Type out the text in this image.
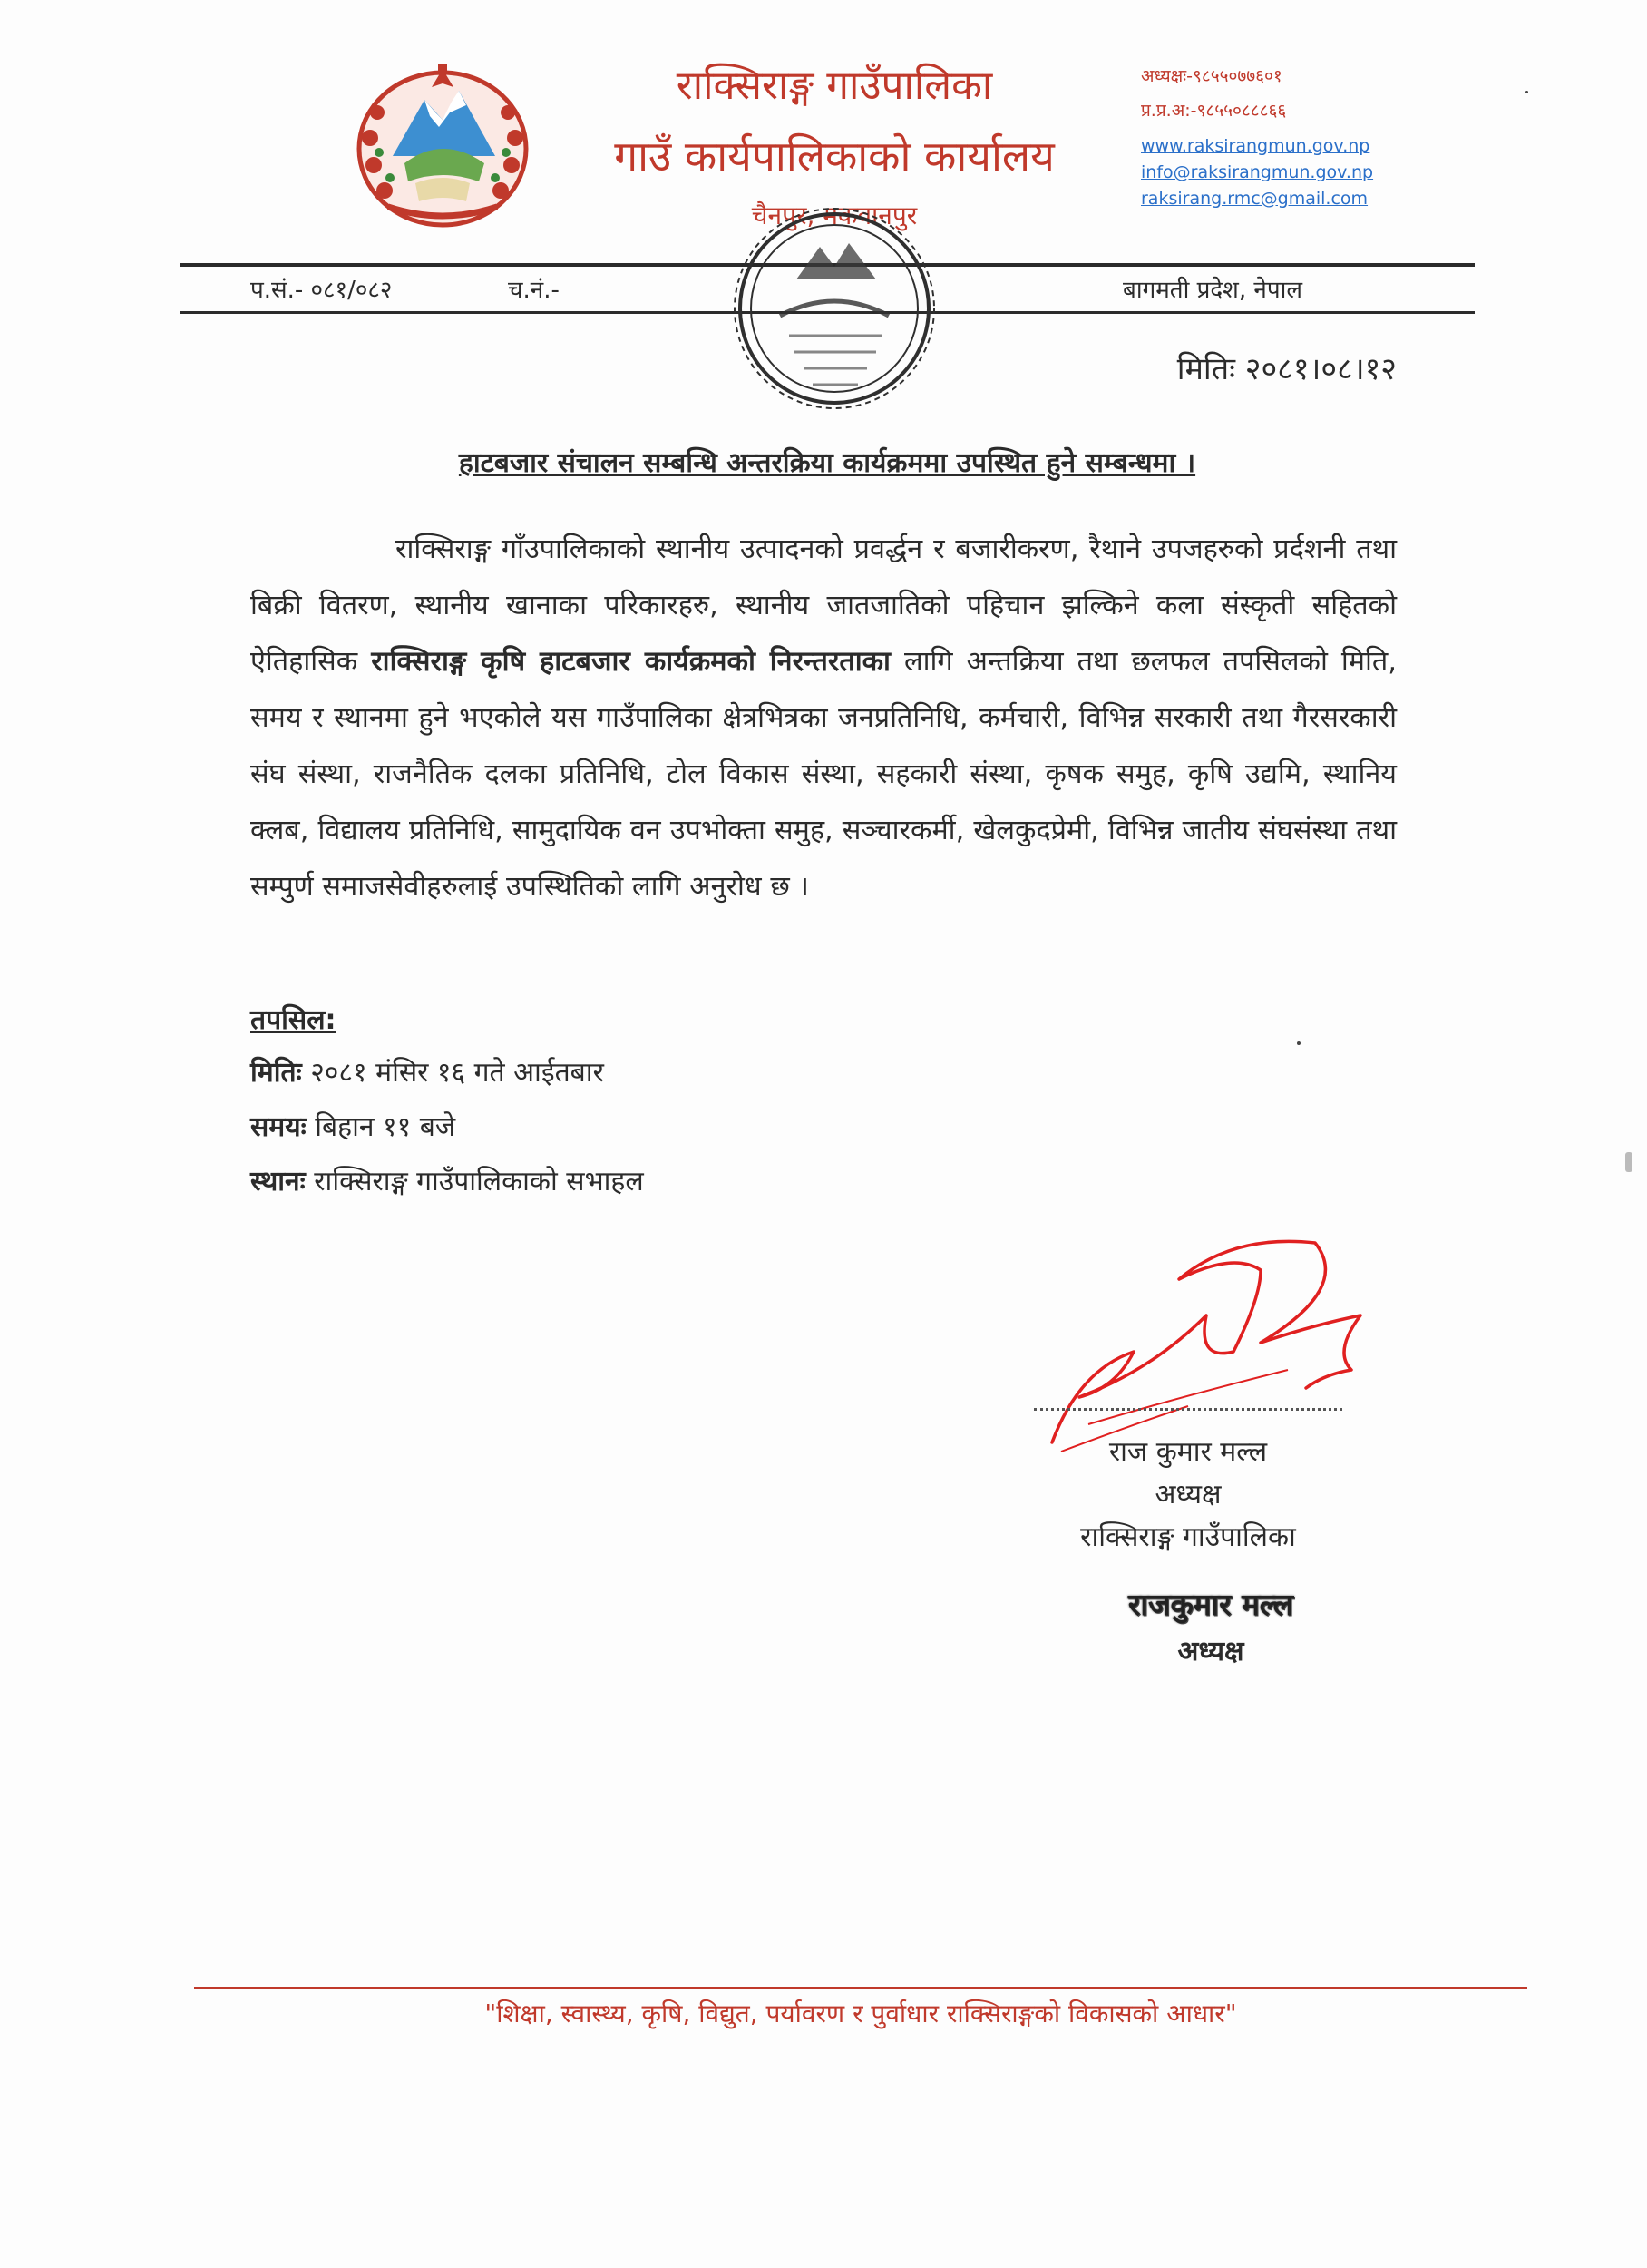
राक्सिराङ्ग गाउँपालिका
गाउँ कार्यपालिकाको कार्यालय
चैनपुर, मकवानपुर
अध्यक्षः-९८५५०७७६०१
प्र.प्र.अ:-९८५५०८८८६६
www.raksirangmun.gov.np
info@raksirangmun.gov.np
raksirang.rmc@gmail.com
प.सं.- ०८१/०८२	च.नं.-	बागमती प्रदेश, नेपाल
मितिः २०८१।०८।१२
हाटबजार संचालन सम्बन्धि अन्तरक्रिया कार्यक्रममा उपस्थित हुने सम्बन्धमा ।
राक्सिराङ्ग गाँउपालिकाको स्थानीय उत्पादनको प्रवर्द्धन र बजारीकरण, रैथाने उपजहरुको प्रर्दशनी तथा बिक्री वितरण, स्थानीय खानाका परिकारहरु, स्थानीय जातजातिको पहिचान झल्किने कला संस्कृती सहितको ऐतिहासिक राक्सिराङ्ग कृषि हाटबजार कार्यक्रमको निरन्तरताका लागि अन्तक्रिया तथा छलफल तपसिलको मिति, समय र स्थानमा हुने भएकोले यस गाउँपालिका क्षेत्रभित्रका जनप्रतिनिधि, कर्मचारी, विभिन्न सरकारी तथा गैरसरकारी संघ संस्था, राजनैतिक दलका प्रतिनिधि, टोल विकास संस्था, सहकारी संस्था, कृषक समुह, कृषि उद्यमि, स्थानिय क्लब, विद्यालय प्रतिनिधि, सामुदायिक वन उपभोक्ता समुह, सञ्चारकर्मी, खेलकुदप्रेमी, विभिन्न जातीय संघसंस्था तथा सम्पुर्ण समाजसेवीहरुलाई उपस्थितिको लागि अनुरोध छ ।
तपसिल:
मितिः २०८१ मंसिर १६ गते आईतबार
समयः बिहान ११ बजे
स्थानः राक्सिराङ्ग गाउँपालिकाको सभाहल
राज कुमार मल्ल
अध्यक्ष
राक्सिराङ्ग गाउँपालिका
राजकुमार मल्ल
अध्यक्ष
"शिक्षा, स्वास्थ्य, कृषि, विद्युत, पर्यावरण र पुर्वाधार राक्सिराङ्गको विकासको आधार"
